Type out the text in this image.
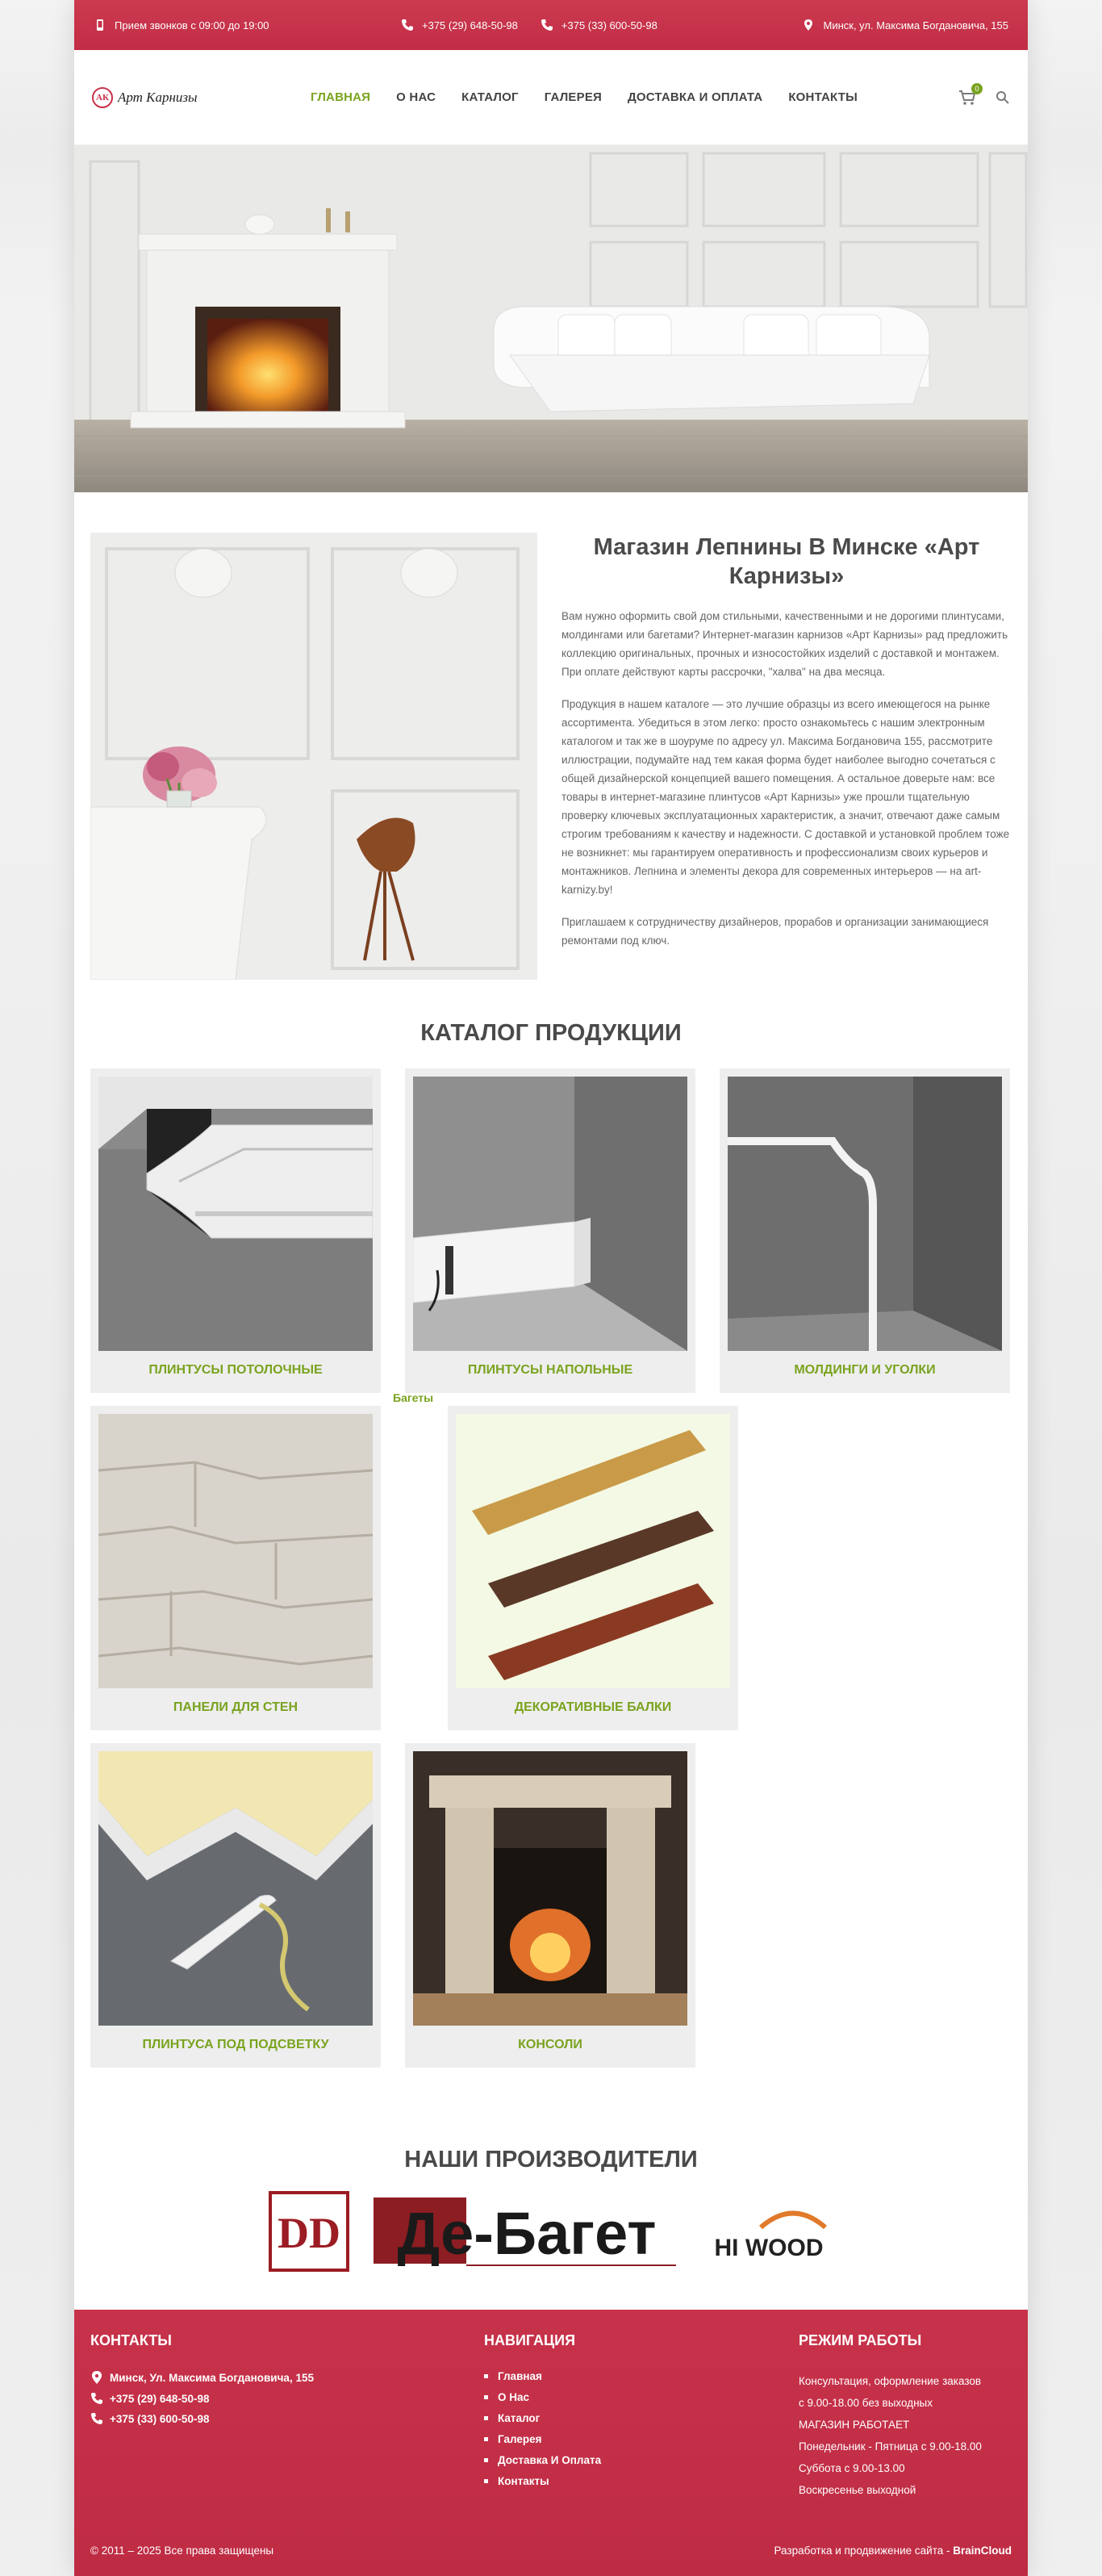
Прием звонков с 09:00 до 19:00	+375 (29) 648-50-98	+375 (33) 600-50-98	Минск, ул. Максима Богдановича, 155
АК Арт Карнизы	ГЛАВНАЯ	О НАС	КАТАЛОГ	ГАЛЕРЕЯ	ДОСТАВКА И ОПЛАТА	КОНТАКТЫ
0
Магазин Лепнины В Минске «Арт Карнизы»

Вам нужно оформить свой дом стильными, качественными и не дорогими плинтусами, молдингами или багетами? Интернет-магазин карнизов «Арт Карнизы» рад предложить коллекцию оригинальных, прочных и износостойких изделий с доставкой и монтажем. При оплате действуют карты рассрочки, "халва" на два месяца.

Продукция в нашем каталоге — это лучшие образцы из всего имеющегося на рынке ассортимента. Убедиться в этом легко: просто ознакомьтесь с нашим электронным каталогом и так же в шоуруме по адресу ул. Максима Богдановича 155, рассмотрите иллюстрации, подумайте над тем какая форма будет наиболее выгодно сочетаться с общей дизайнерской концепцией вашего помещения. А остальное доверьте нам: все товары в интернет-магазине плинтусов «Арт Карнизы» уже прошли тщательную проверку ключевых эксплуатационных характеристик, а значит, отвечают даже самым строгим требованиям к качеству и надежности. С доставкой и установкой проблем тоже не возникнет: мы гарантируем оперативность и профессионализм своих курьеров и монтажников. Лепнина и элементы декора для современных интерьеров — на art-karnizy.by!

Приглашаем к сотрудничеству дизайнеров, прорабов и организации занимающиеся ремонтами под ключ.

КАТАЛОГ ПРОДУКЦИИ
ПЛИНТУСЫ ПОТОЛОЧНЫЕ	ПЛИНТУСЫ НАПОЛЬНЫЕ	МОЛДИНГИ И УГОЛКИ
ПАНЕЛИ ДЛЯ СТЕН
Багеты
ДЕКОРАТИВНЫЕ БАЛКИ
ПЛИНТУСА ПОД ПОДСВЕТКУ	КОНСОЛИ
НАШИ ПРОИЗВОДИТЕЛИ
DD Де-Багет HI WOOD
КОНТАКТЫ
Минск, Ул. Максима Богдановича, 155
+375 (29) 648-50-98
+375 (33) 600-50-98
НАВИГАЦИЯ
Главная
О Нас
Каталог
Галерея
Доставка И Оплата
Контакты
РЕЖИМ РАБОТЫ
Консультация, оформление заказов
с 9.00-18.00 без выходных
МАГАЗИН РАБОТАЕТ
Понедельник - Пятница с 9.00-18.00
Суббота с 9.00-13.00
Воскресенье выходной
© 2011 – 2025 Все права защищены	Разработка и продвижение сайта - BrainCloud
